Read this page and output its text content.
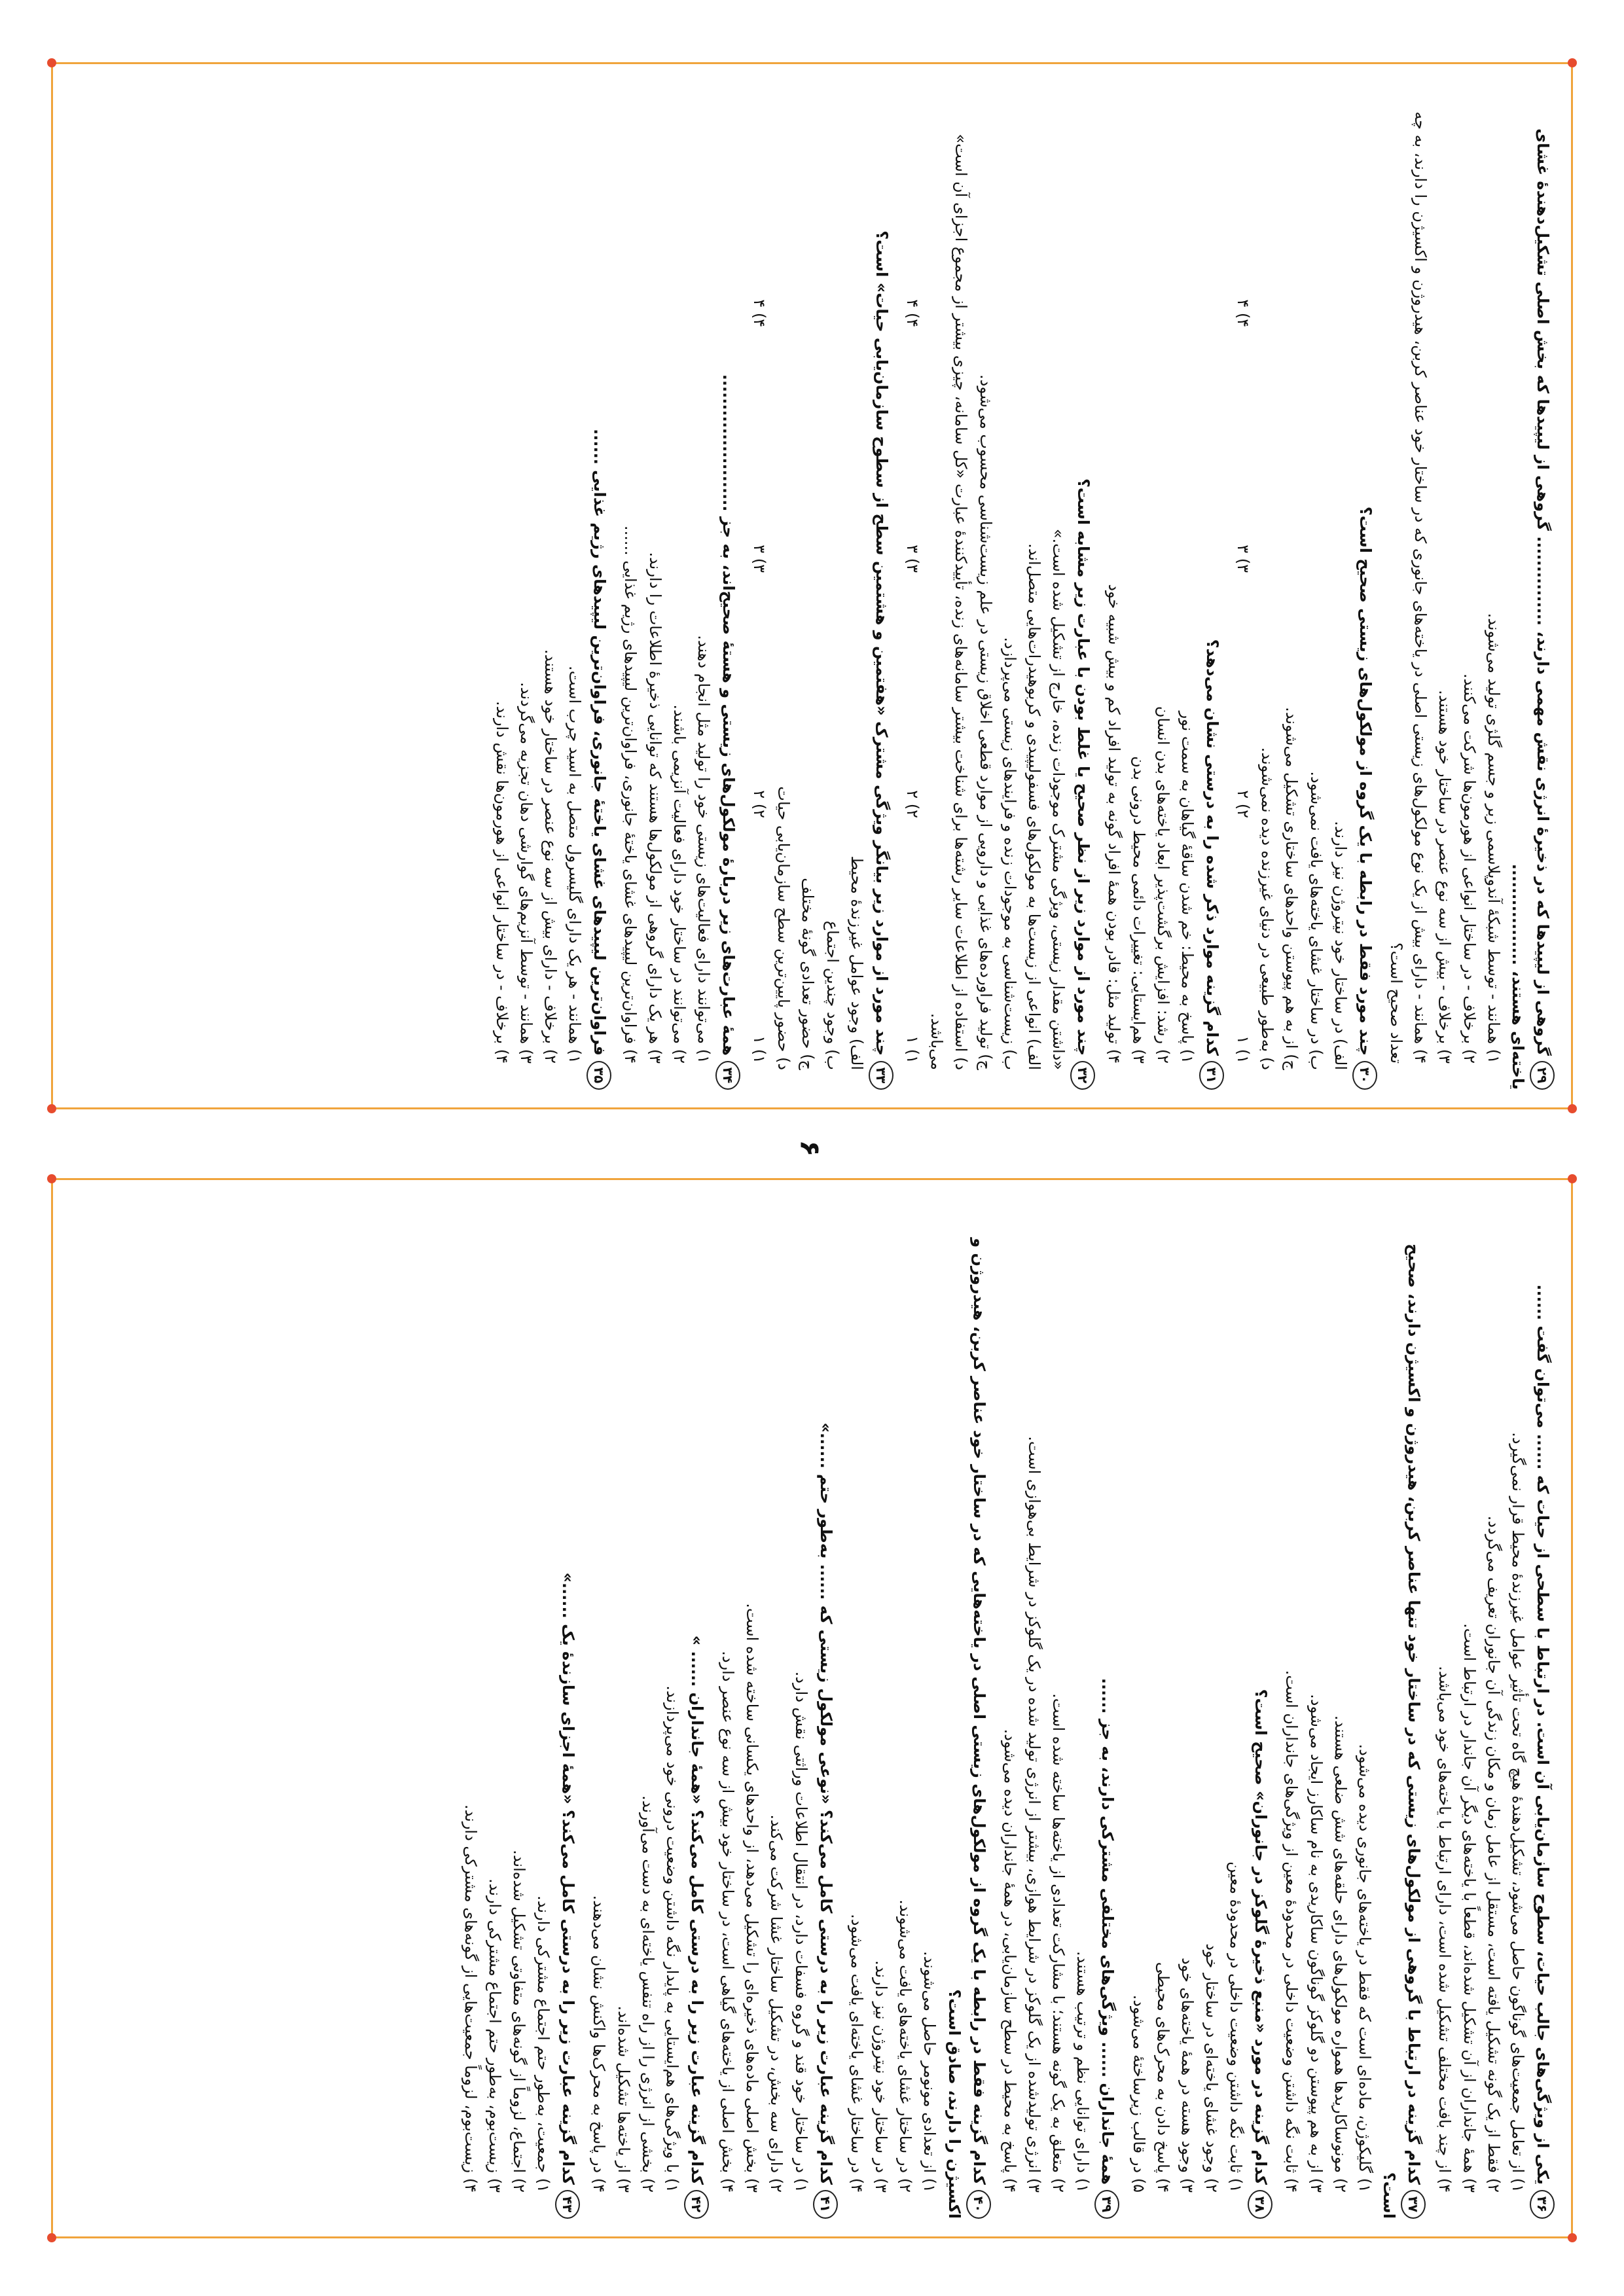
۶
۲۹گروهی از لیپیدها که در ذخیرهٔ انرژی نقش مهمی دارند، ............... گروهی از لیپیدها که بخش اصلی تشکیل‌دهندهٔ غشای یاخته‌ای هستند، .................
۱) همانند - توسط شبکهٔ آندوپلاسمی زبر و جسم گلژی تولید می‌شوند.
۲) برخلاف - در ساختار انواعی از هورمون‌ها شرکت می‌کنند.
۳) برخلاف - بیش از سه نوع عنصر در ساختار خود هستند.
۴) همانند - دارای بیش از یک نوع مولکول‌های زیستی اصلی در یاخته‌های جانوری که در ساختار خود عناصر کربن، هیدروژن و اکسیژن را دارند، به چه تعداد صحیح است؟
۳۰چند مورد فقط در رابطه با یک گروه از مولکول‌های زیستی صحیح است؟
الف) در ساختار خود نیتروژن نیز دارند.
ب) در ساختار غشای یاخته‌های یافت نمی‌شود.
ج) از به هم پیوستن واحدهای ساختاری تشکیل می‌شوند.
د) به‌طور طبیعی در دنیای غیرزنده دیده نمی‌شوند.
۱) ۱
۲) ۲
۳) ۳
۴) ۴
۳۱کدام گزینه موارد ذکر شده را به درستی نشان می‌دهد؟
۱) پاسخ به محیط: خم شدن ساقهٔ گیاهان به سمت نور
۲) رشد: افزایش برگشت‌پذیر ابعاد یاخته‌های بدن انسان
۳) هم‌ایستایی: تغییرات دائمی محیط درونی بدن
۴) تولید مثل: قادر بودن همهٔ افراد گونه به تولید افراد کم و بیش شبیه خود
۳۲چند مورد از موارد زیر از نظر صحیح یا غلط بودن با عبارت زیر مشابه است؟
«داشتن مقدار زیستی، ویژگی مشترک موجودات زنده، خارج از تشکیل شده است.»
الف) انواعی از زیست‌ها به مولکول‌های فسفولیپیدی و کربوهیدرات‌هایی متصل‌اند.
ب) زیست‌شناسی به موجودات زنده و فرایندهای زیستی می‌پردازد.
ج) تولید فراورده‌های غذایی و دارویی از موارد قطعی اخلاق زیستی در علم زیست‌شناسی محسوب می‌شود.
د) استفاده از اطلاعات سایر رشته‌ها برای شناخت بیشتر سامانه‌های زنده، تأییدکنندهٔ عبارت «کل سامانه، چیزی بیشتر از مجموع اجزای آن است» می‌باشد.
۱) ۱
۲) ۲
۳) ۳
۴) ۴
۳۳چند مورد از موارد زیر بیانگر ویژگی مشترک «هفتمین و هشتمین سطح از سطوح سازمان‌یابی حیات» است؟
الف) وجود عوامل غیرزندهٔ محیط
ب) وجود چندین اجتماع
ج) حضور تعدادی گونهٔ مختلف
د) حضور پایین‌ترین سطح سازمان‌یابی حیات
۱) ۱
۲) ۲
۳) ۳
۴) ۴
۳۴همهٔ عبارت‌های زیر دربارهٔ مولکول‌های زیستی و هستهٔ صحیح‌اند، به جز .......................
۱) می‌توانند دارای فعالیت‌های زیستی خود را تولید مثل انجام دهند.
۲) می‌توانند در ساختار خود دارای فعالیت آنزیمی باشند.
۳) هر یک دارای گروهی از مولکول‌ها هستند که توانایی ذخیرهٔ اطلاعات را دارند.
۴) فراوان‌ترین لیپیدهای غشای یاختهٔ جانوری، فراوان‌ترین لیپیدهای رژیم غذایی ......
۳۵فراوان‌ترین لیپیدهای غشای یاختهٔ جانوری، فراوان‌ترین لیپیدهای رژیم غذایی ......
۱) همانند - هر یک دارای گلیسرول متصل به اسید چرب است.
۲) برخلاف - دارای بیش از سه نوع عنصر در ساختار خود هستند.
۳) همانند - توسط آنزیم‌های گوارشی دهان تجزیه می‌گردند.
۴) برخلاف - در ساختار انواعی از هورمون‌ها نقش دارند.
۳۶یکی از ویژگی‌های جالب حیات، سطوح سازمان‌یابی آن است. در ارتباط با سطحی از حیات که ...... می‌توان گفت ......
۱) از تعامل جمعیت‌های گوناگون حاصل می‌شود، تشکیل‌دهندهٔ هیچ گاه تحت تأثیر عوامل غیرزندهٔ محیط قرار نمی‌گیرد.
۲) فقط از یک گونه تشکیل یافته است، مستقل از عامل زمان و مکان زندگی آن جانوران تعریف می‌گردد.
۳) همهٔ جانداران از آن تشکیل شده‌اند، قطعاً با یاخته‌های دیگر آن جاندار در ارتباط است.
۴) از چند بافت مختلف تشکیل شده است، دارای ارتباط با یاخته‌های خود می‌باشد.
۳۷کدام گزینه در ارتباط با گروهی از مولکول‌های زیستی که در ساختار خود تنها عناصر کربن، هیدروژن و اکسیژن دارند، صحیح است؟
۱) گلیکوژن، ماده‌ای است که فقط در یاخته‌های جانوری دیده می‌شود.
۲) مونوساکاریدها همواره مولکول‌های دارای حلقه‌های شش ضلعی هستند.
۳) از به هم پیوستن دو گلوکز گوناگون ساکاریدی به نام ساکارز ایجاد می‌شود.
۴) ثابت نگه داشتن وضعیت داخلی در محدودهٔ معین از ویژگی‌های جانداران است.
۳۸کدام گزینه در مورد «منبع ذخیرهٔ گلوکز در جانوران» صحیح است؟
۱) ثابت نگه داشتن وضعیت داخلی در محدودهٔ معین
۲) وجود غشای یاخته‌ای در ساختار خود
۳) وجود هسته در همهٔ یاخته‌های خود
۴) پاسخ دادن به محرک‌های محیطی
۵) در قالب زیرساختهٔ می‌شود.
۳۹همهٔ جانداران ...... ویژگی‌های مختلفی مشترکی دارند، به جز ......
۱) دارای توانایی نظم و ترتیب هستند.
۲) متعلق به یک گونه هستند؛ با مشارکت تعدادی از یاخته‌ها ساخته شده است.
۳) انرژی تولیدشده از یک گلوکز در شرایط هوازی، بیشتر از انرژی تولید شده در یک گلوکز در شرایط بی‌هوازی است.
۴) پاسخ به محیط در سطح سازمان‌یابی، در همهٔ جانداران دیده می‌شود.
۴۰کدام گزینه فقط در رابطه با یک گروه از مولکول‌های زیستی اصلی در یاخته‌هایی که در ساختار خود عناصر کربن، هیدروژن و اکسیژن را دارند، صادق است؟
۱) از تعدادی مونومر حاصل می‌شوند.
۲) در ساختار غشای یاخته‌های یافت می‌شوند.
۳) در ساختار خود نیتروژن نیز دارند.
۴) در ساختار غشای یاخته‌ای یافت می‌شود.
۴۱کدام گزینه عبارت زیر را به درستی کامل می‌کند؟ «نوعی مولکول زیستی که ...... به‌طور حتم ......»
۱) در ساختار خود قند و گروه فسفات دارد، در انتقال اطلاعات وراثتی نقش دارد.
۲) دارای سه بخش، در تشکیل ساختار غشا شرکت می‌کند.
۳) بخش اصلی ماده‌های ذخیره‌ای را تشکیل می‌دهد، از واحدهای یکسانی ساخته شده است.
۴) بخش اصلی از یاخته‌های گیاهی است، در ساختار خود بیش از سه نوع عنصر دارد.
۴۲کدام گزینه عبارت زیر را به درستی کامل می‌کند؟ «همهٔ جانداران ...... »
۱) با ویژگی‌های هم‌ایستایی به پایدار نگه داشتن وضعیت درونی خود می‌پردازند.
۲) بخشی از انرژی را از راه تنفس یاخته‌ای به دست می‌آورند.
۳) از یاخته‌ها تشکیل شده‌اند.
۴) در پاسخ به محرک‌ها واکنش نشان می‌دهند.
۴۳کدام گزینه عبارت زیر را به درستی کامل می‌کند؟ «همهٔ اجزای سازندهٔ یک ......»
۱) جمعیت، به‌طور حتم اجتماع مشترکی دارند.
۲) اجتماع، لزوماً از گونه‌های متفاوتی تشکیل شده‌اند.
۳) زیست‌بوم، به‌طور حتم اجتماع مشترکی دارند.
۴) زیست‌بوم، لزوماً جمعیت‌هایی از گونه‌های مشترکی دارند.
